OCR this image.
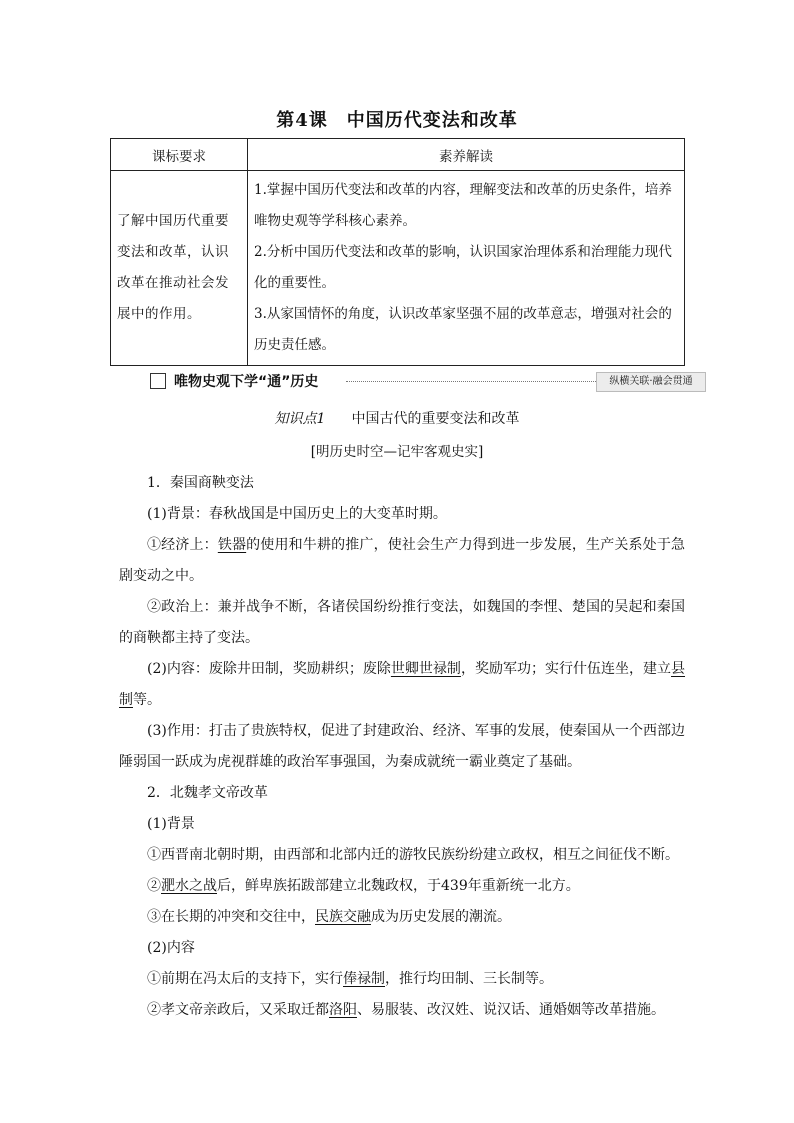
第4课　中国历代变法和改革
课标要求	素养解读
了解中国历代重要变法和改革，认识改革在推动社会发展中的作用。	1.掌握中国历代变法和改革的内容，理解变法和改革的历史条件，培养唯物史观等学科核心素养。

2.分析中国历代变法和改革的影响，认识国家治理体系和治理能力现代化的重要性。

3.从家国情怀的角度，认识改革家坚强不屈的改革意志，增强对社会的历史责任感。

唯物史观下学“通”历史	纵横关联·融会贯通
知识点1 中国古代的重要变法和改革
[明历史时空—记牢客观史实]

1．秦国商鞅变法

(1)背景：春秋战国是中国历史上的大变革时期。

①经济上：铁器的使用和牛耕的推广，使社会生产力得到进一步发展，生产关系处于急剧变动之中。

②政治上：兼并战争不断，各诸侯国纷纷推行变法，如魏国的李悝、楚国的吴起和秦国的商鞅都主持了变法。

(2)内容：废除井田制，奖励耕织；废除世卿世禄制，奖励军功；实行什伍连坐，建立县制等。

(3)作用：打击了贵族特权，促进了封建政治、经济、军事的发展，使秦国从一个西部边陲弱国一跃成为虎视群雄的政治军事强国，为秦成就统一霸业奠定了基础。

2．北魏孝文帝改革

(1)背景

①西晋南北朝时期，由西部和北部内迁的游牧民族纷纷建立政权，相互之间征伐不断。

②淝水之战后，鲜卑族拓跋部建立北魏政权，于439年重新统一北方。

③在长期的冲突和交往中，民族交融成为历史发展的潮流。

(2)内容

①前期在冯太后的支持下，实行俸禄制，推行均田制、三长制等。

②孝文帝亲政后，又采取迁都洛阳、易服装、改汉姓、说汉话、通婚姻等改革措施。
